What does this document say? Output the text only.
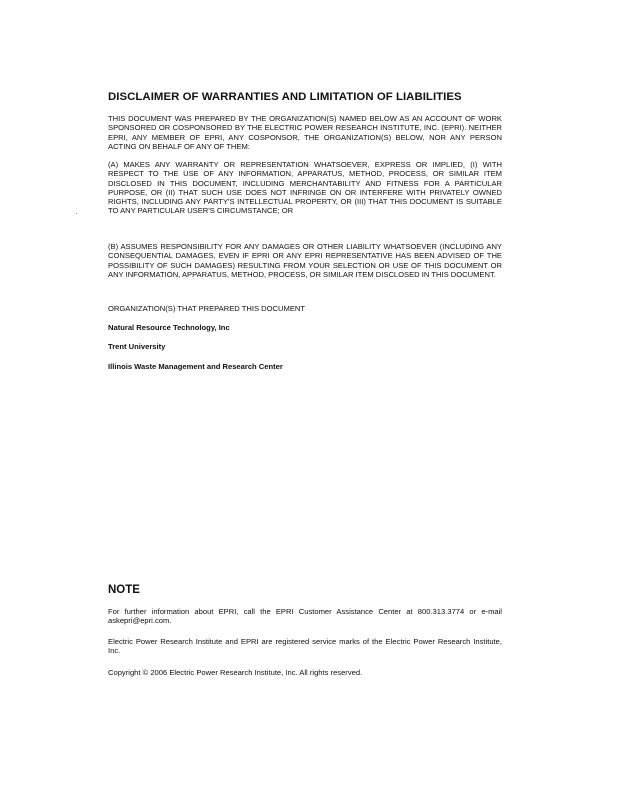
DISCLAIMER OF WARRANTIES AND LIMITATION OF LIABILITIES

THIS DOCUMENT WAS PREPARED BY THE ORGANIZATION(S) NAMED BELOW AS AN ACCOUNT OF WORK SPONSORED OR COSPONSORED BY THE ELECTRIC POWER RESEARCH INSTITUTE, INC. (EPRI). NEITHER EPRI, ANY MEMBER OF EPRI, ANY COSPONSOR, THE ORGANIZATION(S) BELOW, NOR ANY PERSON ACTING ON BEHALF OF ANY OF THEM:

(A) MAKES ANY WARRANTY OR REPRESENTATION WHATSOEVER, EXPRESS OR IMPLIED, (I) WITH RESPECT TO THE USE OF ANY INFORMATION, APPARATUS, METHOD, PROCESS, OR SIMILAR ITEM DISCLOSED IN THIS DOCUMENT, INCLUDING MERCHANTABILITY AND FITNESS FOR A PARTICULAR PURPOSE, OR (II) THAT SUCH USE DOES NOT INFRINGE ON OR INTERFERE WITH PRIVATELY OWNED RIGHTS, INCLUDING ANY PARTY'S INTELLECTUAL PROPERTY, OR (III) THAT THIS DOCUMENT IS SUITABLE TO ANY PARTICULAR USER'S CIRCUMSTANCE; OR

(B) ASSUMES RESPONSIBILITY FOR ANY DAMAGES OR OTHER LIABILITY WHATSOEVER (INCLUDING ANY CONSEQUENTIAL DAMAGES, EVEN IF EPRI OR ANY EPRI REPRESENTATIVE HAS BEEN ADVISED OF THE POSSIBILITY OF SUCH DAMAGES) RESULTING FROM YOUR SELECTION OR USE OF THIS DOCUMENT OR ANY INFORMATION, APPARATUS, METHOD, PROCESS, OR SIMILAR ITEM DISCLOSED IN THIS DOCUMENT.

ORGANIZATION(S) THAT PREPARED THIS DOCUMENT

Natural Resource Technology, Inc

Trent University

Illinois Waste Management and Research Center

NOTE

For further information about EPRI, call the EPRI Customer Assistance Center at 800.313.3774 or e-mail askepri@epri.com.

Electric Power Research Institute and EPRI are registered service marks of the Electric Power Research Institute, Inc.

Copyright © 2006 Electric Power Research Institute, Inc. All rights reserved.
